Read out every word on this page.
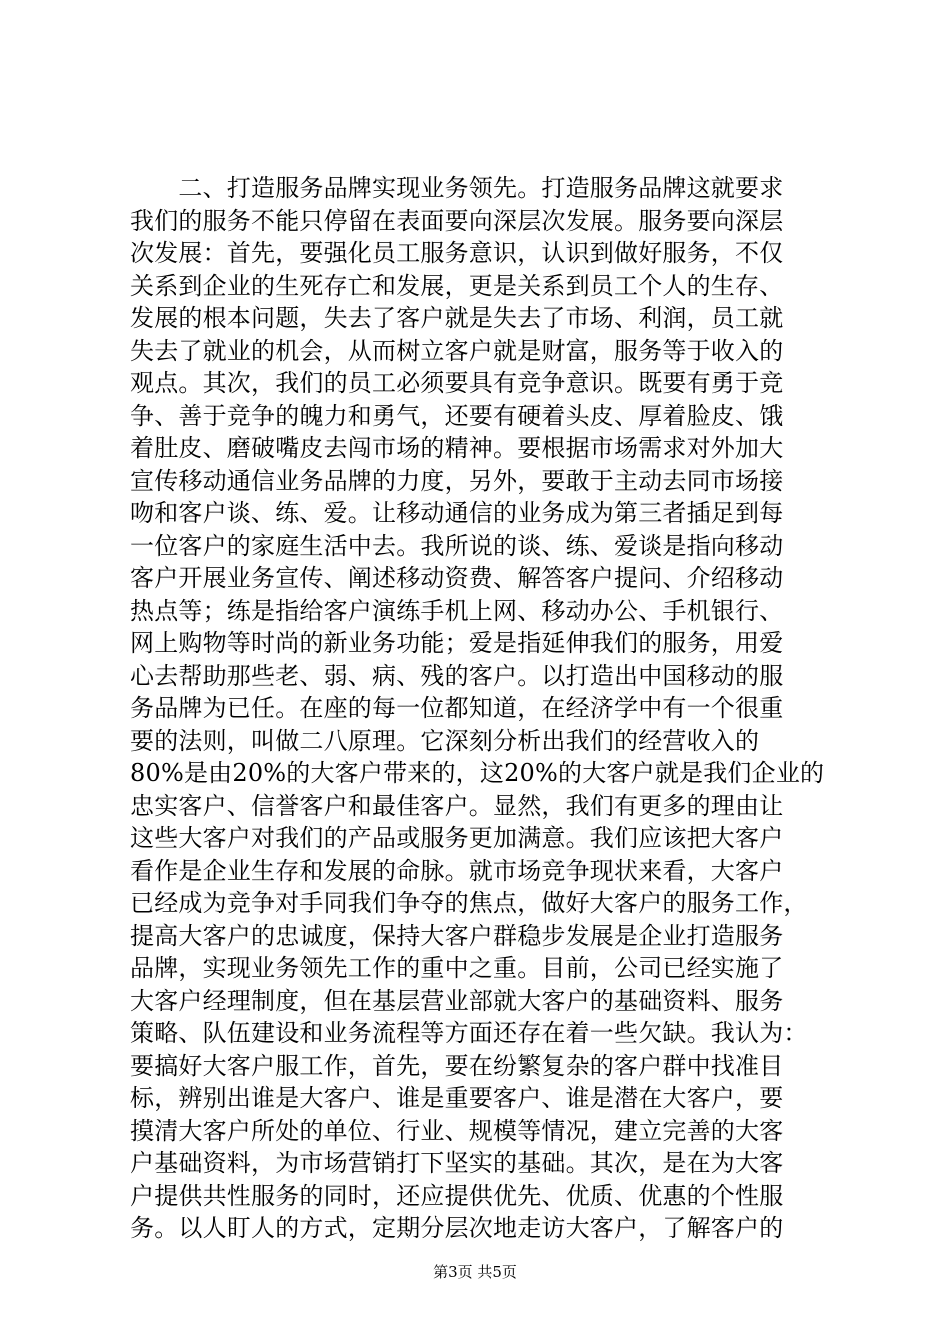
　　二、打造服务品牌实现业务领先。打造服务品牌这就要求
我们的服务不能只停留在表面要向深层次发展。服务要向深层
次发展：首先，要强化员工服务意识，认识到做好服务，不仅
关系到企业的生死存亡和发展，更是关系到员工个人的生存、
发展的根本问题，失去了客户就是失去了市场、利润，员工就
失去了就业的机会，从而树立客户就是财富，服务等于收入的
观点。其次，我们的员工必须要具有竞争意识。既要有勇于竞
争、善于竞争的魄力和勇气，还要有硬着头皮、厚着脸皮、饿
着肚皮、磨破嘴皮去闯市场的精神。要根据市场需求对外加大
宣传移动通信业务品牌的力度，另外，要敢于主动去同市场接
吻和客户谈、练、爱。让移动通信的业务成为第三者插足到每
一位客户的家庭生活中去。我所说的谈、练、爱谈是指向移动
客户开展业务宣传、阐述移动资费、解答客户提问、介绍移动
热点等；练是指给客户演练手机上网、移动办公、手机银行、
网上购物等时尚的新业务功能；爱是指延伸我们的服务，用爱
心去帮助那些老、弱、病、残的客户。以打造出中国移动的服
务品牌为已任。在座的每一位都知道，在经济学中有一个很重
要的法则，叫做二八原理。它深刻分析出我们的经营收入的
80%是由20%的大客户带来的，这20%的大客户就是我们企业的
忠实客户、信誉客户和最佳客户。显然，我们有更多的理由让
这些大客户对我们的产品或服务更加满意。我们应该把大客户
看作是企业生存和发展的命脉。就市场竞争现状来看，大客户
已经成为竞争对手同我们争夺的焦点，做好大客户的服务工作，
提高大客户的忠诚度，保持大客户群稳步发展是企业打造服务
品牌，实现业务领先工作的重中之重。目前，公司已经实施了
大客户经理制度，但在基层营业部就大客户的基础资料、服务
策略、队伍建设和业务流程等方面还存在着一些欠缺。我认为：
要搞好大客户服工作，首先，要在纷繁复杂的客户群中找准目
标，辨别出谁是大客户、谁是重要客户、谁是潜在大客户，要
摸清大客户所处的单位、行业、规模等情况，建立完善的大客
户基础资料，为市场营销打下坚实的基础。其次，是在为大客
户提供共性服务的同时，还应提供优先、优质、优惠的个性服
务。以人盯人的方式，定期分层次地走访大客户，了解客户的
第3页 共5页
